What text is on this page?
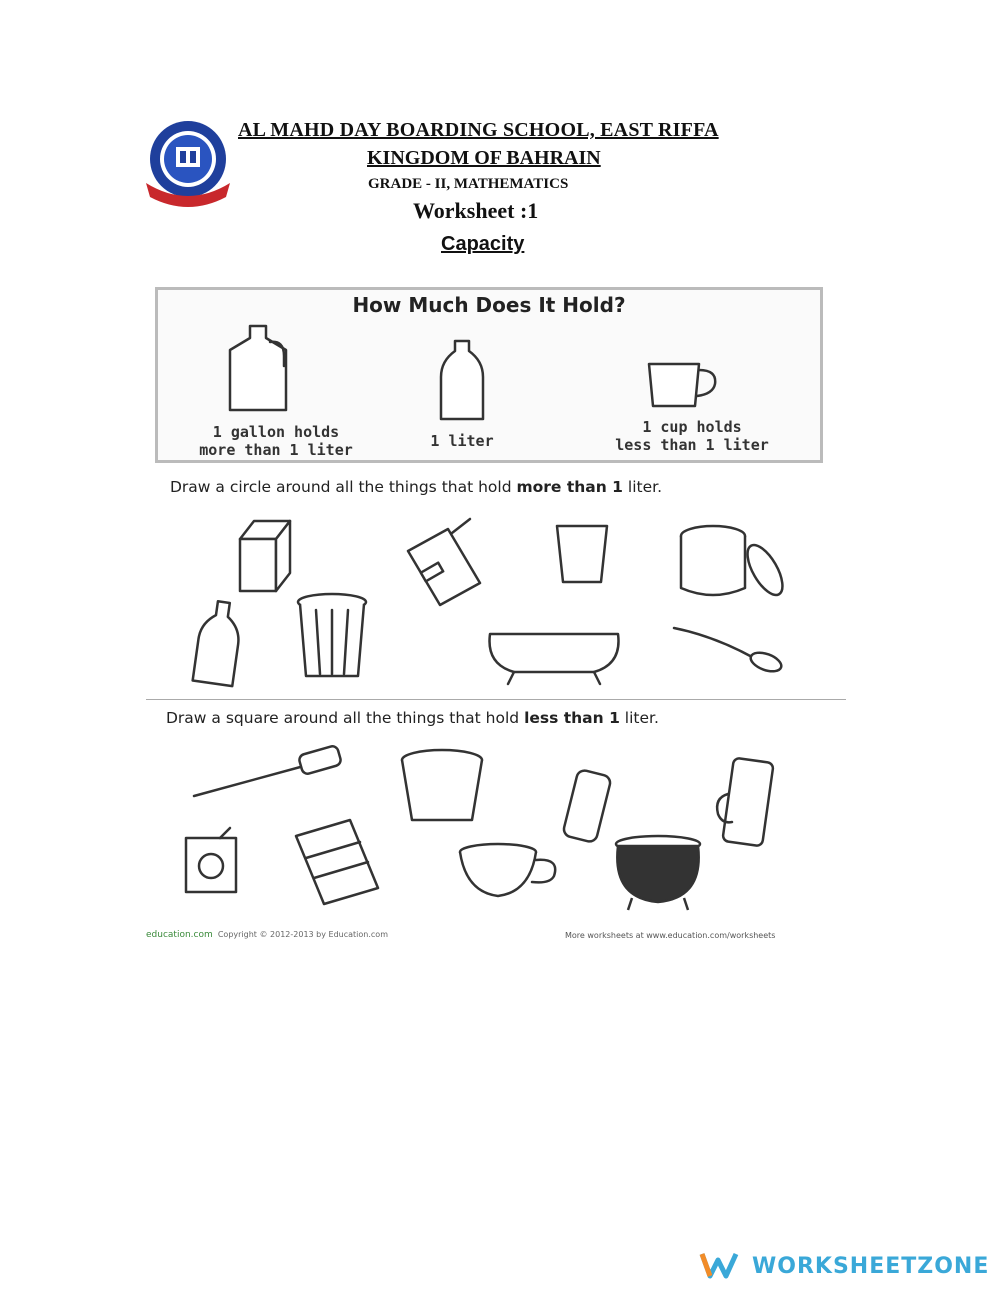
AL MAHD DAY BOARDING SCHOOL, EAST RIFFA
KINGDOM OF BAHRAIN
GRADE - II, MATHEMATICS
Worksheet :1
Capacity
How Much Does It Hold?
1 gallon holds
more than 1 liter	1 liter
1 cup holds
less than 1 liter
Draw a circle around all the things that hold more than 1 liter.
Draw a square around all the things that hold less than 1 liter.
education.com Copyright © 2012-2013 by Education.com	More worksheets at www.education.com/worksheets
WORKSHEETZONE
